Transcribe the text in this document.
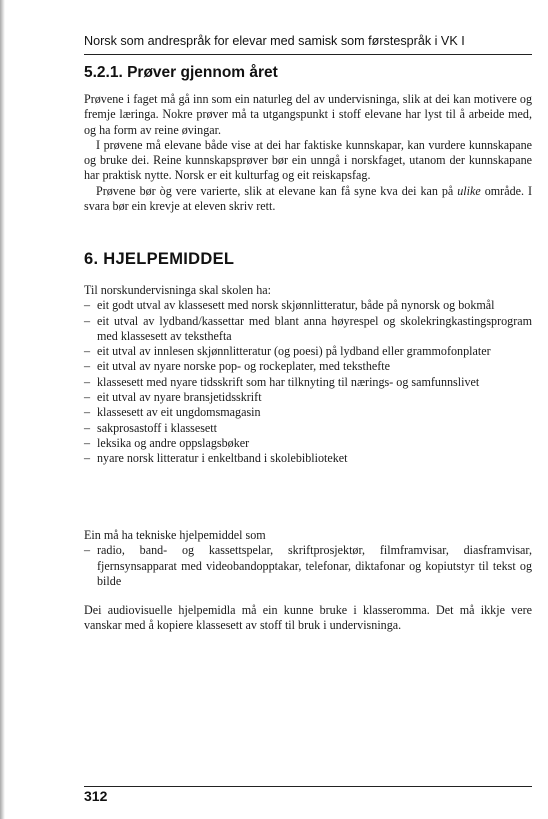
Norsk som andrespråk for elevar med samisk som førstespråk i VK I
5.2.1. Prøver gjennom året

Prøvene i faget må gå inn som ein naturleg del av undervisninga, slik at dei kan motivere og fremje læringa. Nokre prøver må ta utgangspunkt i stoff elevane har lyst til å arbeide med, og ha form av reine øvingar.

I prøvene må elevane både vise at dei har faktiske kunnskapar, kan vurdere kunnskapane og bruke dei. Reine kunnskapsprøver bør ein unngå i norskfaget, utanom der kunnskapane har praktisk nytte. Norsk er eit kulturfag og eit reiskapsfag.

Prøvene bør òg vere varierte, slik at elevane kan få syne kva dei kan på ulike område. I svara bør ein krevje at eleven skriv rett.

6. HJELPEMIDDEL

Til norskundervisninga skal skolen ha:

– eit godt utval av klassesett med norsk skjønnlitteratur, både på nynorsk og bokmål
– eit utval av lydband/kassettar med blant anna høyrespel og skolekringkastingsprogram med klassesett av teksthefta
– eit utval av innlesen skjønnlitteratur (og poesi) på lydband eller grammofonplater
– eit utval av nyare norske pop- og rockeplater, med teksthefte
– klassesett med nyare tidsskrift som har tilknyting til nærings- og samfunnslivet
– eit utval av nyare bransjetidsskrift
– klassesett av eit ungdomsmagasin
– sakprosastoff i klassesett
– leksika og andre oppslagsbøker
– nyare norsk litteratur i enkeltband i skolebiblioteket

Ein må ha tekniske hjelpemiddel som

– radio, band- og kassettspelar, skriftprosjektør, filmframvisar, diasframvisar, fjernsynsapparat med videobandopptakar, telefonar, diktafonar og kopiutstyr til tekst og bilde

Dei audiovisuelle hjelpemidla må ein kunne bruke i klasseromma. Det må ikkje vere vanskar med å kopiere klassesett av stoff til bruk i undervisninga.

312
